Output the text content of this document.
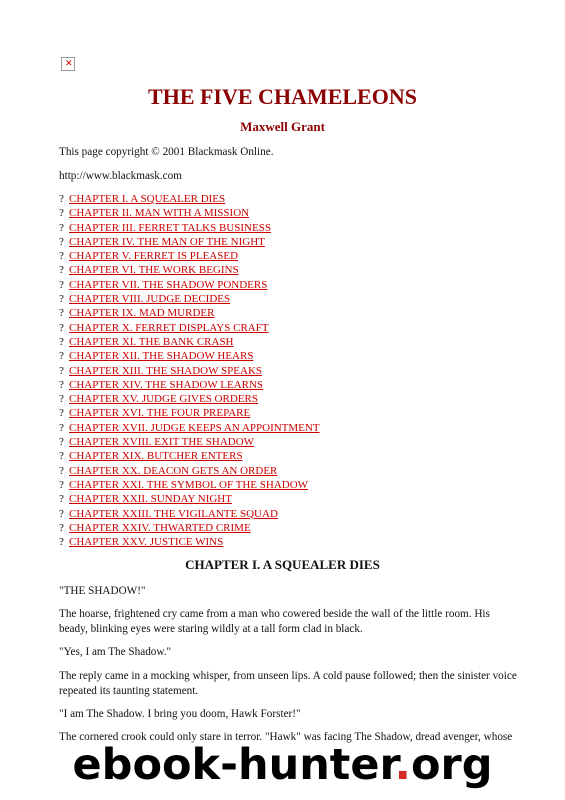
✕
THE FIVE CHAMELEONS
Maxwell Grant
This page copyright © 2001 Blackmask Online.
http://www.blackmask.com
? CHAPTER I. A SQUEALER DIES
? CHAPTER II. MAN WITH A MISSION
? CHAPTER III. FERRET TALKS BUSINESS
? CHAPTER IV. THE MAN OF THE NIGHT
? CHAPTER V. FERRET IS PLEASED
? CHAPTER VI. THE WORK BEGINS
? CHAPTER VII. THE SHADOW PONDERS
? CHAPTER VIII. JUDGE DECIDES
? CHAPTER IX. MAD MURDER
? CHAPTER X. FERRET DISPLAYS CRAFT
? CHAPTER XI. THE BANK CRASH
? CHAPTER XII. THE SHADOW HEARS
? CHAPTER XIII. THE SHADOW SPEAKS
? CHAPTER XIV. THE SHADOW LEARNS
? CHAPTER XV. JUDGE GIVES ORDERS
? CHAPTER XVI. THE FOUR PREPARE
? CHAPTER XVII. JUDGE KEEPS AN APPOINTMENT
? CHAPTER XVIII. EXIT THE SHADOW
? CHAPTER XIX. BUTCHER ENTERS
? CHAPTER XX. DEACON GETS AN ORDER
? CHAPTER XXI. THE SYMBOL OF THE SHADOW
? CHAPTER XXII. SUNDAY NIGHT
? CHAPTER XXIII. THE VIGILANTE SQUAD
? CHAPTER XXIV. THWARTED CRIME
? CHAPTER XXV. JUSTICE WINS
CHAPTER I. A SQUEALER DIES
"THE SHADOW!"
The hoarse, frightened cry came from a man who cowered beside the wall of the little room. His beady, blinking eyes were staring wildly at a tall form clad in black.
"Yes, I am The Shadow."
The reply came in a mocking whisper, from unseen lips. A cold pause followed; then the sinister voice repeated its taunting statement.
"I am The Shadow. I bring you doom, Hawk Forster!"
The cornered crook could only stare in terror. "Hawk" was facing The Shadow, dread avenger, whose
ebook-hunter.org
